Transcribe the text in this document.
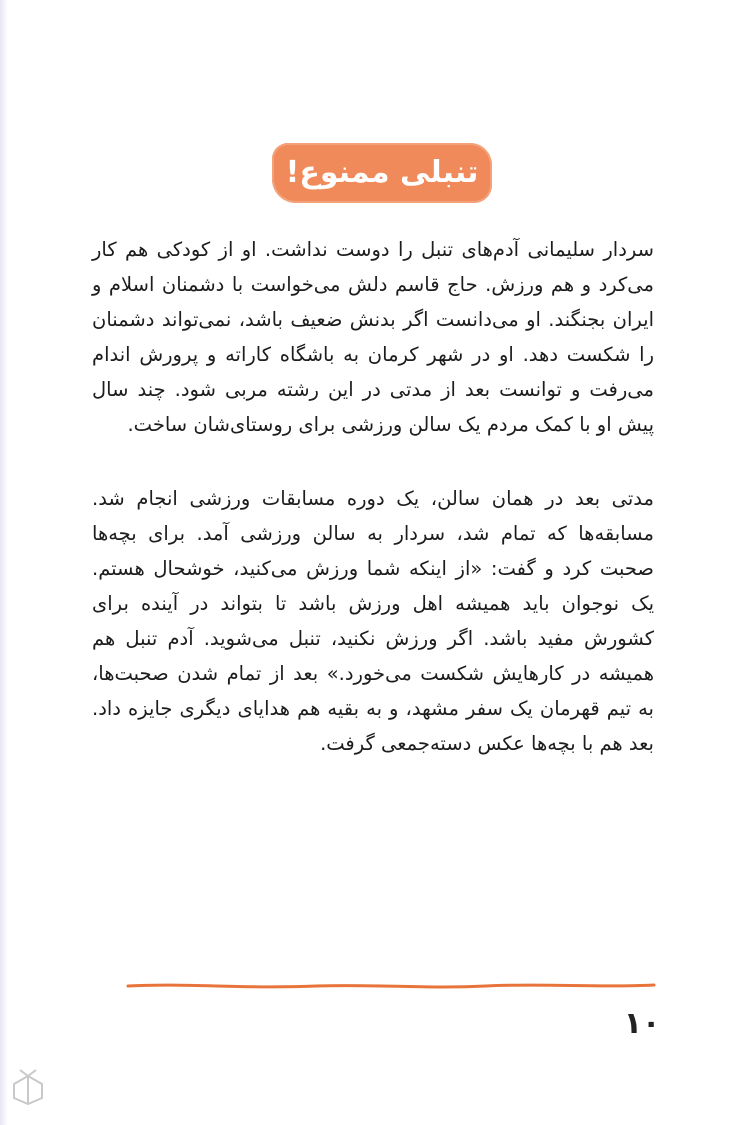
تنبلی ممنوع!

سردار سلیمانی آدم‌های تنبل را دوست نداشت. او از کودکی هم کار می‌کرد و هم ورزش. حاج قاسم دلش می‌خواست با دشمنان اسلام و ایران بجنگند. او می‌دانست اگر بدنش ضعیف باشد، نمی‌تواند دشمنان را شکست دهد. او در شهر کرمان به باشگاه کاراته و پرورش اندام می‌رفت و توانست بعد از مدتی در این رشته مربی شود. چند سال پیش او با کمک مردم یک سالن ورزشی برای روستای‌شان ساخت.

مدتی بعد در همان سالن، یک دوره مسابقات ورزشی انجام شد. مسابقه‌ها که تمام شد، سردار به سالن ورزشی آمد. برای بچه‌ها صحبت کرد و گفت: «از اینکه شما ورزش می‌کنید، خوشحال هستم. یک نوجوان باید همیشه اهل ورزش باشد تا بتواند در آینده برای کشورش مفید باشد. اگر ورزش نکنید، تنبل می‌شوید. آدم تنبل هم همیشه در کارهایش شکست می‌خورد.» بعد از تمام شدن صحبت‌ها، به تیم قهرمان یک سفر مشهد، و به بقیه هم هدایای دیگری جایزه داد. بعد هم با بچه‌ها عکس دسته‌جمعی گرفت.

۱۰
